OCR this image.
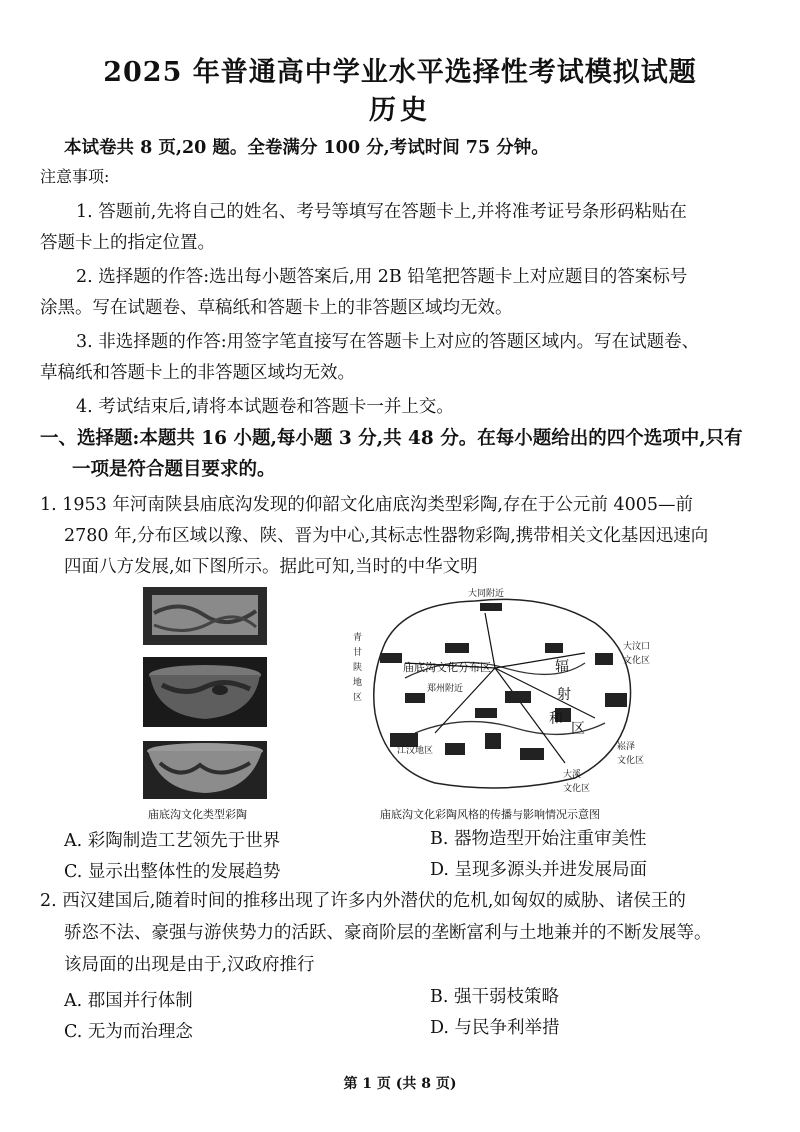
2025 年普通高中学业水平选择性考试模拟试题
历史
本试卷共 8 页,20 题。全卷满分 100 分,考试时间 75 分钟。
注意事项:
1. 答题前,先将自己的姓名、考号等填写在答题卡上,并将准考证号条形码粘贴在
答题卡上的指定位置。
2. 选择题的作答:选出每小题答案后,用 2B 铅笔把答题卡上对应题目的答案标号
涂黑。写在试题卷、草稿纸和答题卡上的非答题区域均无效。
3. 非选择题的作答:用签字笔直接写在答题卡上对应的答题区域内。写在试题卷、
草稿纸和答题卡上的非答题区域均无效。
4. 考试结束后,请将本试题卷和答题卡一并上交。
一、选择题:本题共 16 小题,每小题 3 分,共 48 分。在每小题给出的四个选项中,只有
一项是符合题目要求的。
1. 1953 年河南陕县庙底沟发现的仰韶文化庙底沟类型彩陶,存在于公元前 4005—前
2780 年,分布区域以豫、陕、晋为中心,其标志性器物彩陶,携带相关文化基因迅速向
四面八方发展,如下图所示。据此可知,当时的中华文明
庙底沟文化类型彩陶
大同附近
青
甘
陕
地
区
庙底沟文化分布区
郑州附近
大汶口
文化区
辐
射
和
区
江汉地区	崧泽
文化区
大溪
文化区
庙底沟文化彩陶风格的传播与影响情况示意图
A. 彩陶制造工艺领先于世界	B. 器物造型开始注重审美性
C. 显示出整体性的发展趋势	D. 呈现多源头并进发展局面
2. 西汉建国后,随着时间的推移出现了许多内外潜伏的危机,如匈奴的威胁、诸侯王的
骄恣不法、豪强与游侠势力的活跃、豪商阶层的垄断富利与土地兼并的不断发展等。
该局面的出现是由于,汉政府推行
A. 郡国并行体制	B. 强干弱枝策略
C. 无为而治理念	D. 与民争利举措
第 1 页 (共 8 页)
